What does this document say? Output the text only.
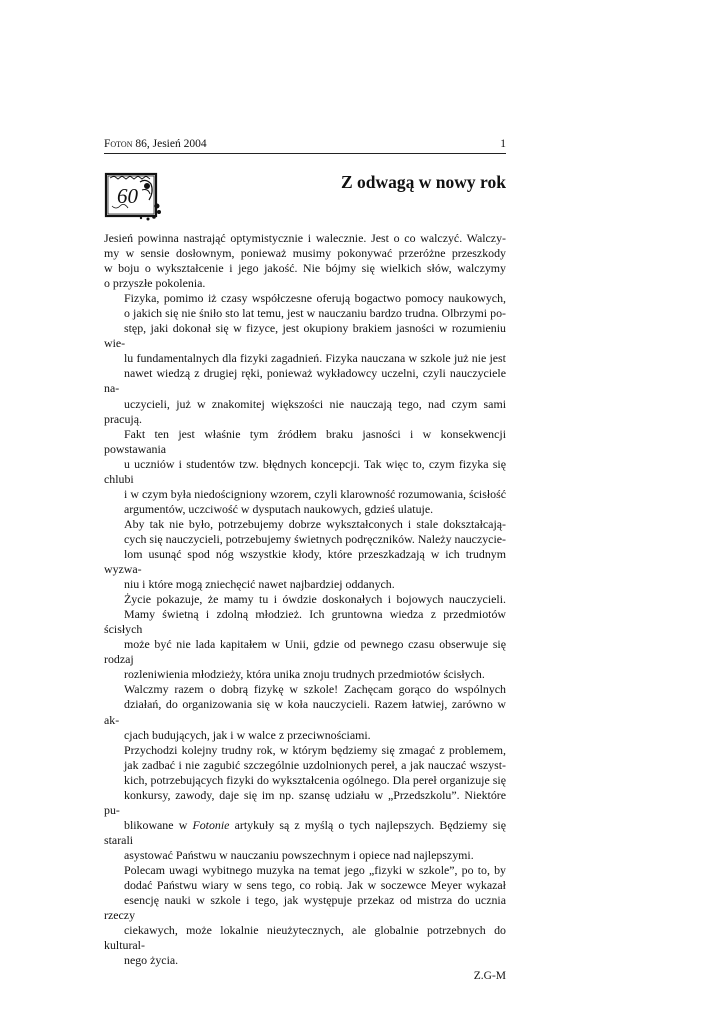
Foton 86, Jesień 2004	1
60
Z odwagą w nowy rok

Jesień powinna nastrająć optymistycznie i walecznie. Jest o co walczyć. Walczy-
my w sensie dosłownym, ponieważ musimy pokonywać przeróżne przeszkody
w boju o wykształcenie i jego jakość. Nie bójmy się wielkich słów, walczymy
o przyszłe pokolenia.

Fizyka, pomimo iż czasy współczesne oferują bogactwo pomocy naukowych,
o jakich się nie śniło sto lat temu, jest w nauczaniu bardzo trudna. Olbrzymi po-
stęp, jaki dokonał się w fizyce, jest okupiony brakiem jasności w rozumieniu wie-
lu fundamentalnych dla fizyki zagadnień. Fizyka nauczana w szkole już nie jest
nawet wiedzą z drugiej ręki, ponieważ wykładowcy uczelni, czyli nauczyciele na-
uczycieli, już w znakomitej większości nie nauczają tego, nad czym sami pracują.
Fakt ten jest właśnie tym źródłem braku jasności i w konsekwencji powstawania
u uczniów i studentów tzw. błędnych koncepcji. Tak więc to, czym fizyka się chlubi
i w czym była niedościgniony wzorem, czyli klarowność rozumowania, ścisłość
argumentów, uczciwość w dysputach naukowych, gdzieś ulatuje.

Aby tak nie było, potrzebujemy dobrze wykształconych i stale dokształcają-
cych się nauczycieli, potrzebujemy świetnych podręczników. Należy nauczycie-
lom usunąć spod nóg wszystkie kłody, które przeszkadzają w ich trudnym wyzwa-
niu i które mogą zniechęcić nawet najbardziej oddanych.

Życie pokazuje, że mamy tu i ówdzie doskonałych i bojowych nauczycieli.
Mamy świetną i zdolną młodzież. Ich gruntowna wiedza z przedmiotów ścisłych
może być nie lada kapitałem w Unii, gdzie od pewnego czasu obserwuje się rodzaj
rozleniwienia młodzieży, która unika znoju trudnych przedmiotów ścisłych.

Walczmy razem o dobrą fizykę w szkole! Zachęcam gorąco do wspólnych
działań, do organizowania się w koła nauczycieli. Razem łatwiej, zarówno w ak-
cjach budujących, jak i w walce z przeciwnościami.

Przychodzi kolejny trudny rok, w którym będziemy się zmagać z problemem,
jak zadbać i nie zagubić szczególnie uzdolnionych pereł, a jak nauczać wszyst-
kich, potrzebujących fizyki do wykształcenia ogólnego. Dla pereł organizuje się
konkursy, zawody, daje się im np. szansę udziału w „Przedszkolu”. Niektóre pu-
blikowane w Fotonie artykuły są z myślą o tych najlepszych. Będziemy się starali
asystować Państwu w nauczaniu powszechnym i opiece nad najlepszymi.

Polecam uwagi wybitnego muzyka na temat jego „fizyki w szkole”, po to, by
dodać Państwu wiary w sens tego, co robią. Jak w soczewce Meyer wykazał
esencję nauki w szkole i tego, jak występuje przekaz od mistrza do ucznia rzeczy
ciekawych, może lokalnie nieużytecznych, ale globalnie potrzebnych do kultural-
nego życia.

Z.G-M
